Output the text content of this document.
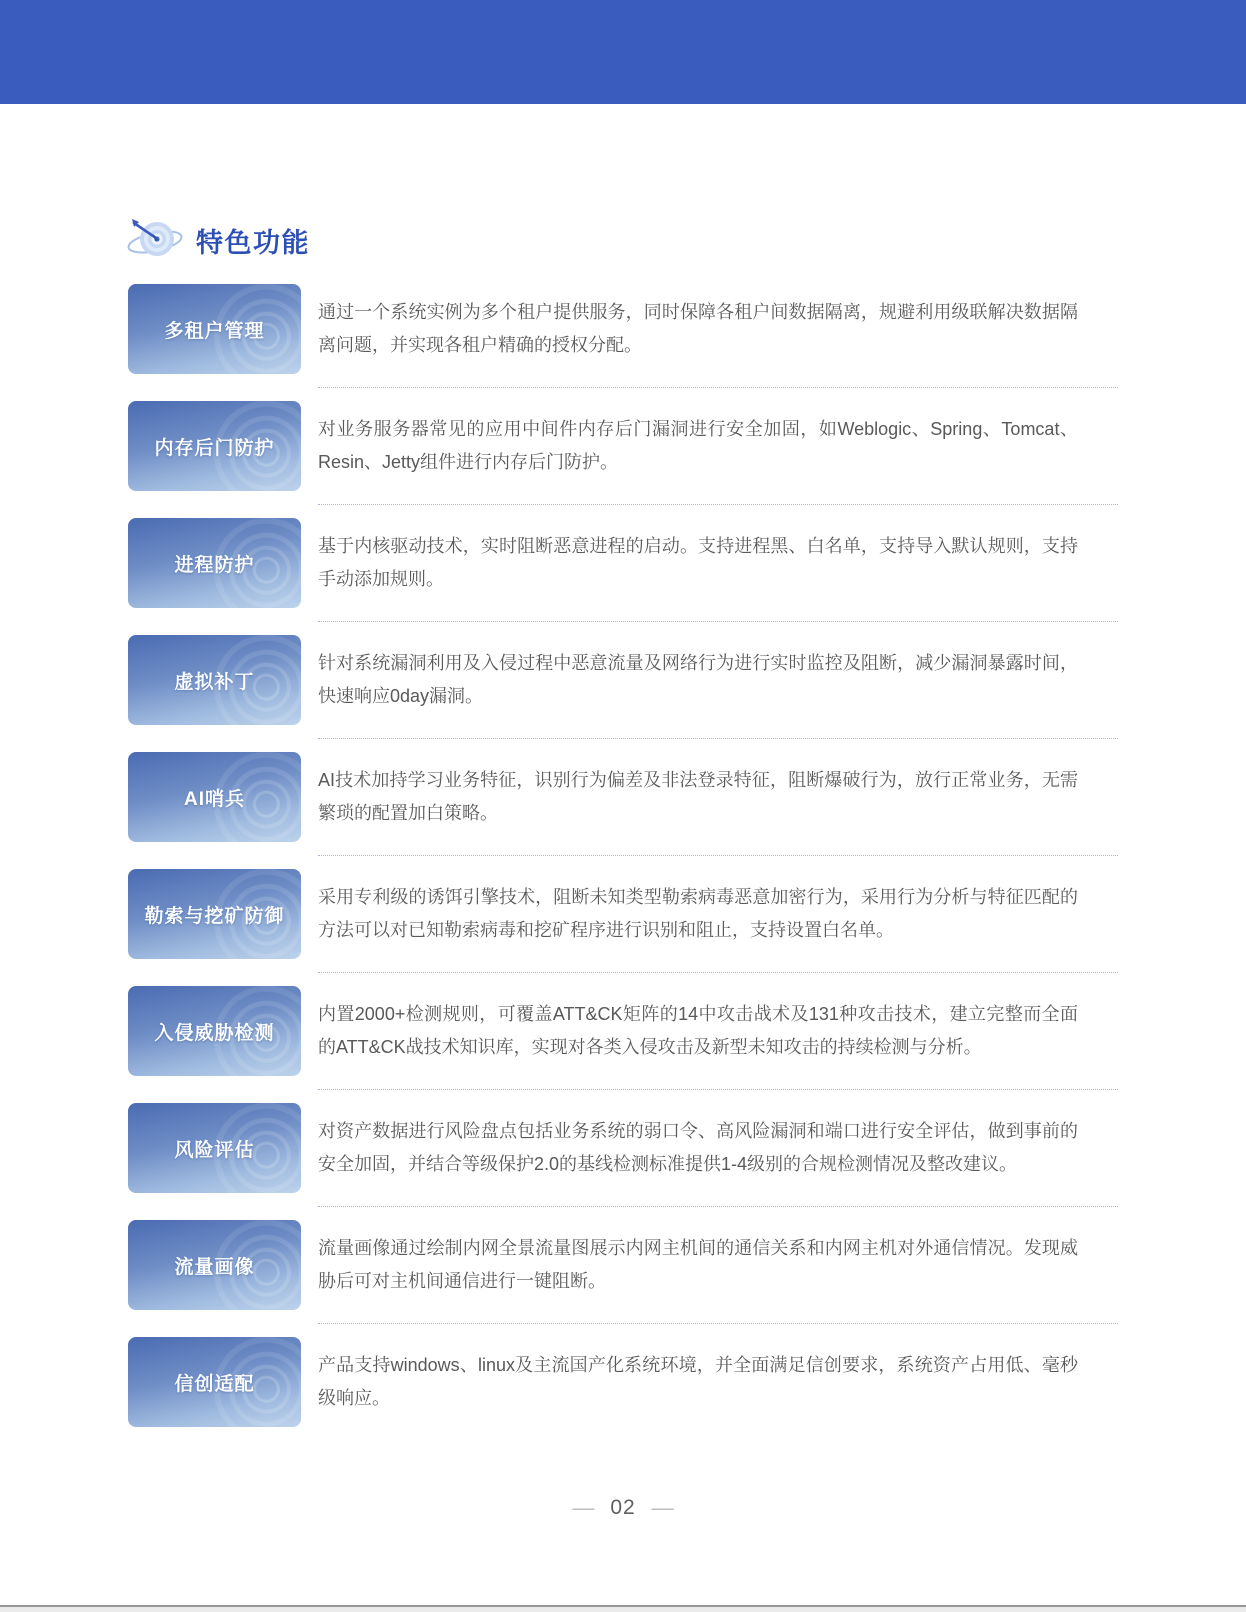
特色功能
多租户管理
通过一个系统实例为多个租户提供服务，同时保障各租户间数据隔离，规避利用级联解决数据隔离问题，并实现各租户精确的授权分配。
内存后门防护
对业务服务器常见的应用中间件内存后门漏洞进行安全加固，如Weblogic、Spring、Tomcat、Resin、Jetty组件进行内存后门防护。
进程防护
基于内核驱动技术，实时阻断恶意进程的启动。支持进程黑、白名单，支持导入默认规则，支持手动添加规则。
虚拟补丁
针对系统漏洞利用及入侵过程中恶意流量及网络行为进行实时监控及阻断，减少漏洞暴露时间，快速响应0day漏洞。
AI哨兵
AI技术加持学习业务特征，识别行为偏差及非法登录特征，阻断爆破行为，放行正常业务，无需繁琐的配置加白策略。
勒索与挖矿防御
采用专利级的诱饵引擎技术，阻断未知类型勒索病毒恶意加密行为，采用行为分析与特征匹配的方法可以对已知勒索病毒和挖矿程序进行识别和阻止，支持设置白名单。
入侵威胁检测
内置2000+检测规则，可覆盖ATT&CK矩阵的14中攻击战术及131种攻击技术，建立完整而全面的ATT&CK战技术知识库，实现对各类入侵攻击及新型未知攻击的持续检测与分析。
风险评估
对资产数据进行风险盘点包括业务系统的弱口令、高风险漏洞和端口进行安全评估，做到事前的安全加固，并结合等级保护2.0的基线检测标准提供1-4级别的合规检测情况及整改建议。
流量画像
流量画像通过绘制内网全景流量图展示内网主机间的通信关系和内网主机对外通信情况。发现威胁后可对主机间通信进行一键阻断。
信创适配
产品支持windows、linux及主流国产化系统环境，并全面满足信创要求，系统资产占用低、毫秒级响应。
— 02 —
